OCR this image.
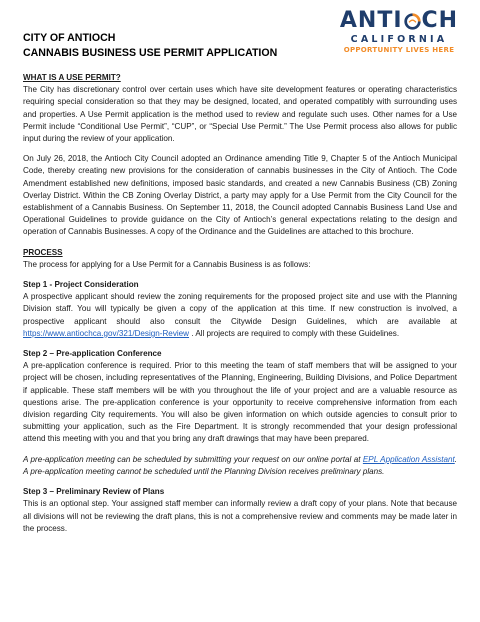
CITY OF ANTIOCH
CANNABIS BUSINESS USE PERMIT APPLICATION
ANTI CH
CALIFORNIA
OPPORTUNITY LIVES HERE

WHAT IS A USE PERMIT?

The City has discretionary control over certain uses which have site development features or operating characteristics requiring special consideration so that they may be designed, located, and operated compatibly with surrounding uses and properties. A Use Permit application is the method used to review and regulate such uses. Other names for a Use Permit include “Conditional Use Permit”, “CUP”, or “Special Use Permit.” The Use Permit process also allows for public input during the review of your application.

On July 26, 2018, the Antioch City Council adopted an Ordinance amending Title 9, Chapter 5 of the Antioch Municipal Code, thereby creating new provisions for the consideration of cannabis businesses in the City of Antioch. The Code Amendment established new definitions, imposed basic standards, and created a new Cannabis Business (CB) Zoning Overlay District. Within the CB Zoning Overlay District, a party may apply for a Use Permit from the City Council for the establishment of a Cannabis Business. On September 11, 2018, the Council adopted Cannabis Business Land Use and Operational Guidelines to provide guidance on the City of Antioch’s general expectations relating to the design and operation of Cannabis Businesses. A copy of the Ordinance and the Guidelines are attached to this brochure.

PROCESS

The process for applying for a Use Permit for a Cannabis Business is as follows:

Step 1 - Project Consideration

A prospective applicant should review the zoning requirements for the proposed project site and use with the Planning Division staff. You will typically be given a copy of the application at this time. If new construction is involved, a prospective applicant should also consult the Citywide Design Guidelines, which are available at https://www.antiochca.gov/321/Design-Review . All projects are required to comply with these Guidelines.

Step 2 – Pre-application Conference

A pre-application conference is required. Prior to this meeting the team of staff members that will be assigned to your project will be chosen, including representatives of the Planning, Engineering, Building Divisions, and Police Department if applicable. These staff members will be with you throughout the life of your project and are a valuable resource as questions arise. The pre-application conference is your opportunity to receive comprehensive information from each division regarding City requirements. You will also be given information on which outside agencies to consult prior to submitting your application, such as the Fire Department. It is strongly recommended that your design professional attend this meeting with you and that you bring any draft drawings that may have been prepared.

A pre-application meeting can be scheduled by submitting your request on our online portal at EPL Application Assistant. A pre-application meeting cannot be scheduled until the Planning Division receives preliminary plans.

Step 3 – Preliminary Review of Plans

This is an optional step. Your assigned staff member can informally review a draft copy of your plans. Note that because all divisions will not be reviewing the draft plans, this is not a comprehensive review and comments may be made later in the process.
